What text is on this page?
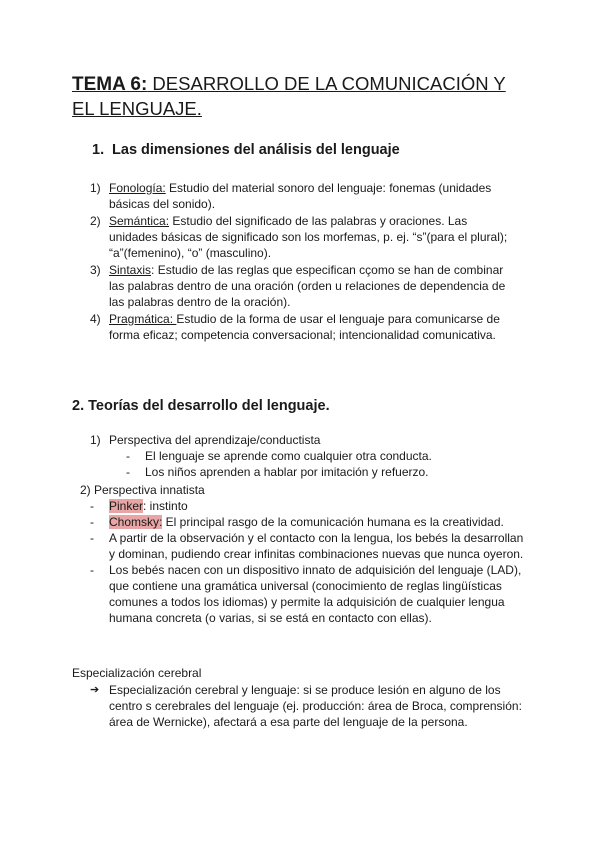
TEMA 6: DESARROLLO DE LA COMUNICACIÓN Y EL LENGUAJE.
1. Las dimensiones del análisis del lenguaje
1) Fonología: Estudio del material sonoro del lenguaje: fonemas (unidades básicas del sonido).
2) Semántica: Estudio del significado de las palabras y oraciones. Las unidades básicas de significado son los morfemas, p. ej. “s”(para el plural); “a”(femenino), “o” (masculino).
3) Sintaxis: Estudio de las reglas que especifican cçomo se han de combinar las palabras dentro de una oración (orden u relaciones de dependencia de las palabras dentro de la oración).
4) Pragmática: Estudio de la forma de usar el lenguaje para comunicarse de forma eficaz; competencia conversacional; intencionalidad comunicativa.
2. Teorías del desarrollo del lenguaje.
1) Perspectiva del aprendizaje/conductista
-	El lenguaje se aprende como cualquier otra conducta.
-	Los niños aprenden a hablar por imitación y refuerzo.
2) Perspectiva innatista
-	Pinker: instinto
-	Chomsky: El principal rasgo de la comunicación humana es la creatividad.
-	A partir de la observación y el contacto con la lengua, los bebés la desarrollan y dominan, pudiendo crear infinitas combinaciones nuevas que nunca oyeron.
-	Los bebés nacen con un dispositivo innato de adquisición del lenguaje (LAD), que contiene una gramática universal (conocimiento de reglas lingüísticas comunes a todos los idiomas) y permite la adquisición de cualquier lengua humana concreta (o varias, si se está en contacto con ellas).
Especialización cerebral
➔ Especialización cerebral y lenguaje: si se produce lesión en alguno de los centro s cerebrales del lenguaje (ej. producción: área de Broca, comprensión: área de Wernicke), afectará a esa parte del lenguaje de la persona.
